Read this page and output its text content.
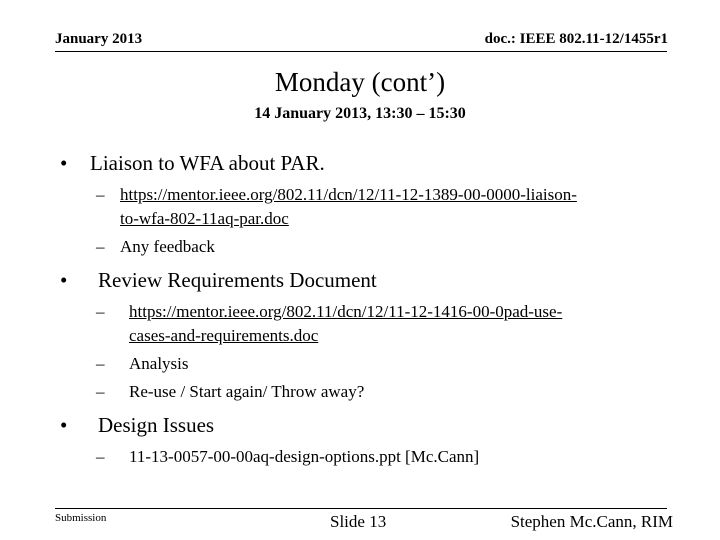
January 2013	doc.: IEEE 802.11-12/1455r1
Monday (cont’)
14 January 2013, 13:30 – 15:30
• Liaison to WFA about PAR.
– https://mentor.ieee.org/802.11/dcn/12/11-12-1389-00-0000-liaison-
to-wfa-802-11aq-par.doc
– Any feedback
• Review Requirements Document
– https://mentor.ieee.org/802.11/dcn/12/11-12-1416-00-0pad-use-
cases-and-requirements.doc
– Analysis
– Re-use / Start again/ Throw away?
• Design Issues
– 11-13-0057-00-00aq-design-options.ppt [Mc.Cann]
Submission	Slide 13	Stephen Mc.Cann, RIM
